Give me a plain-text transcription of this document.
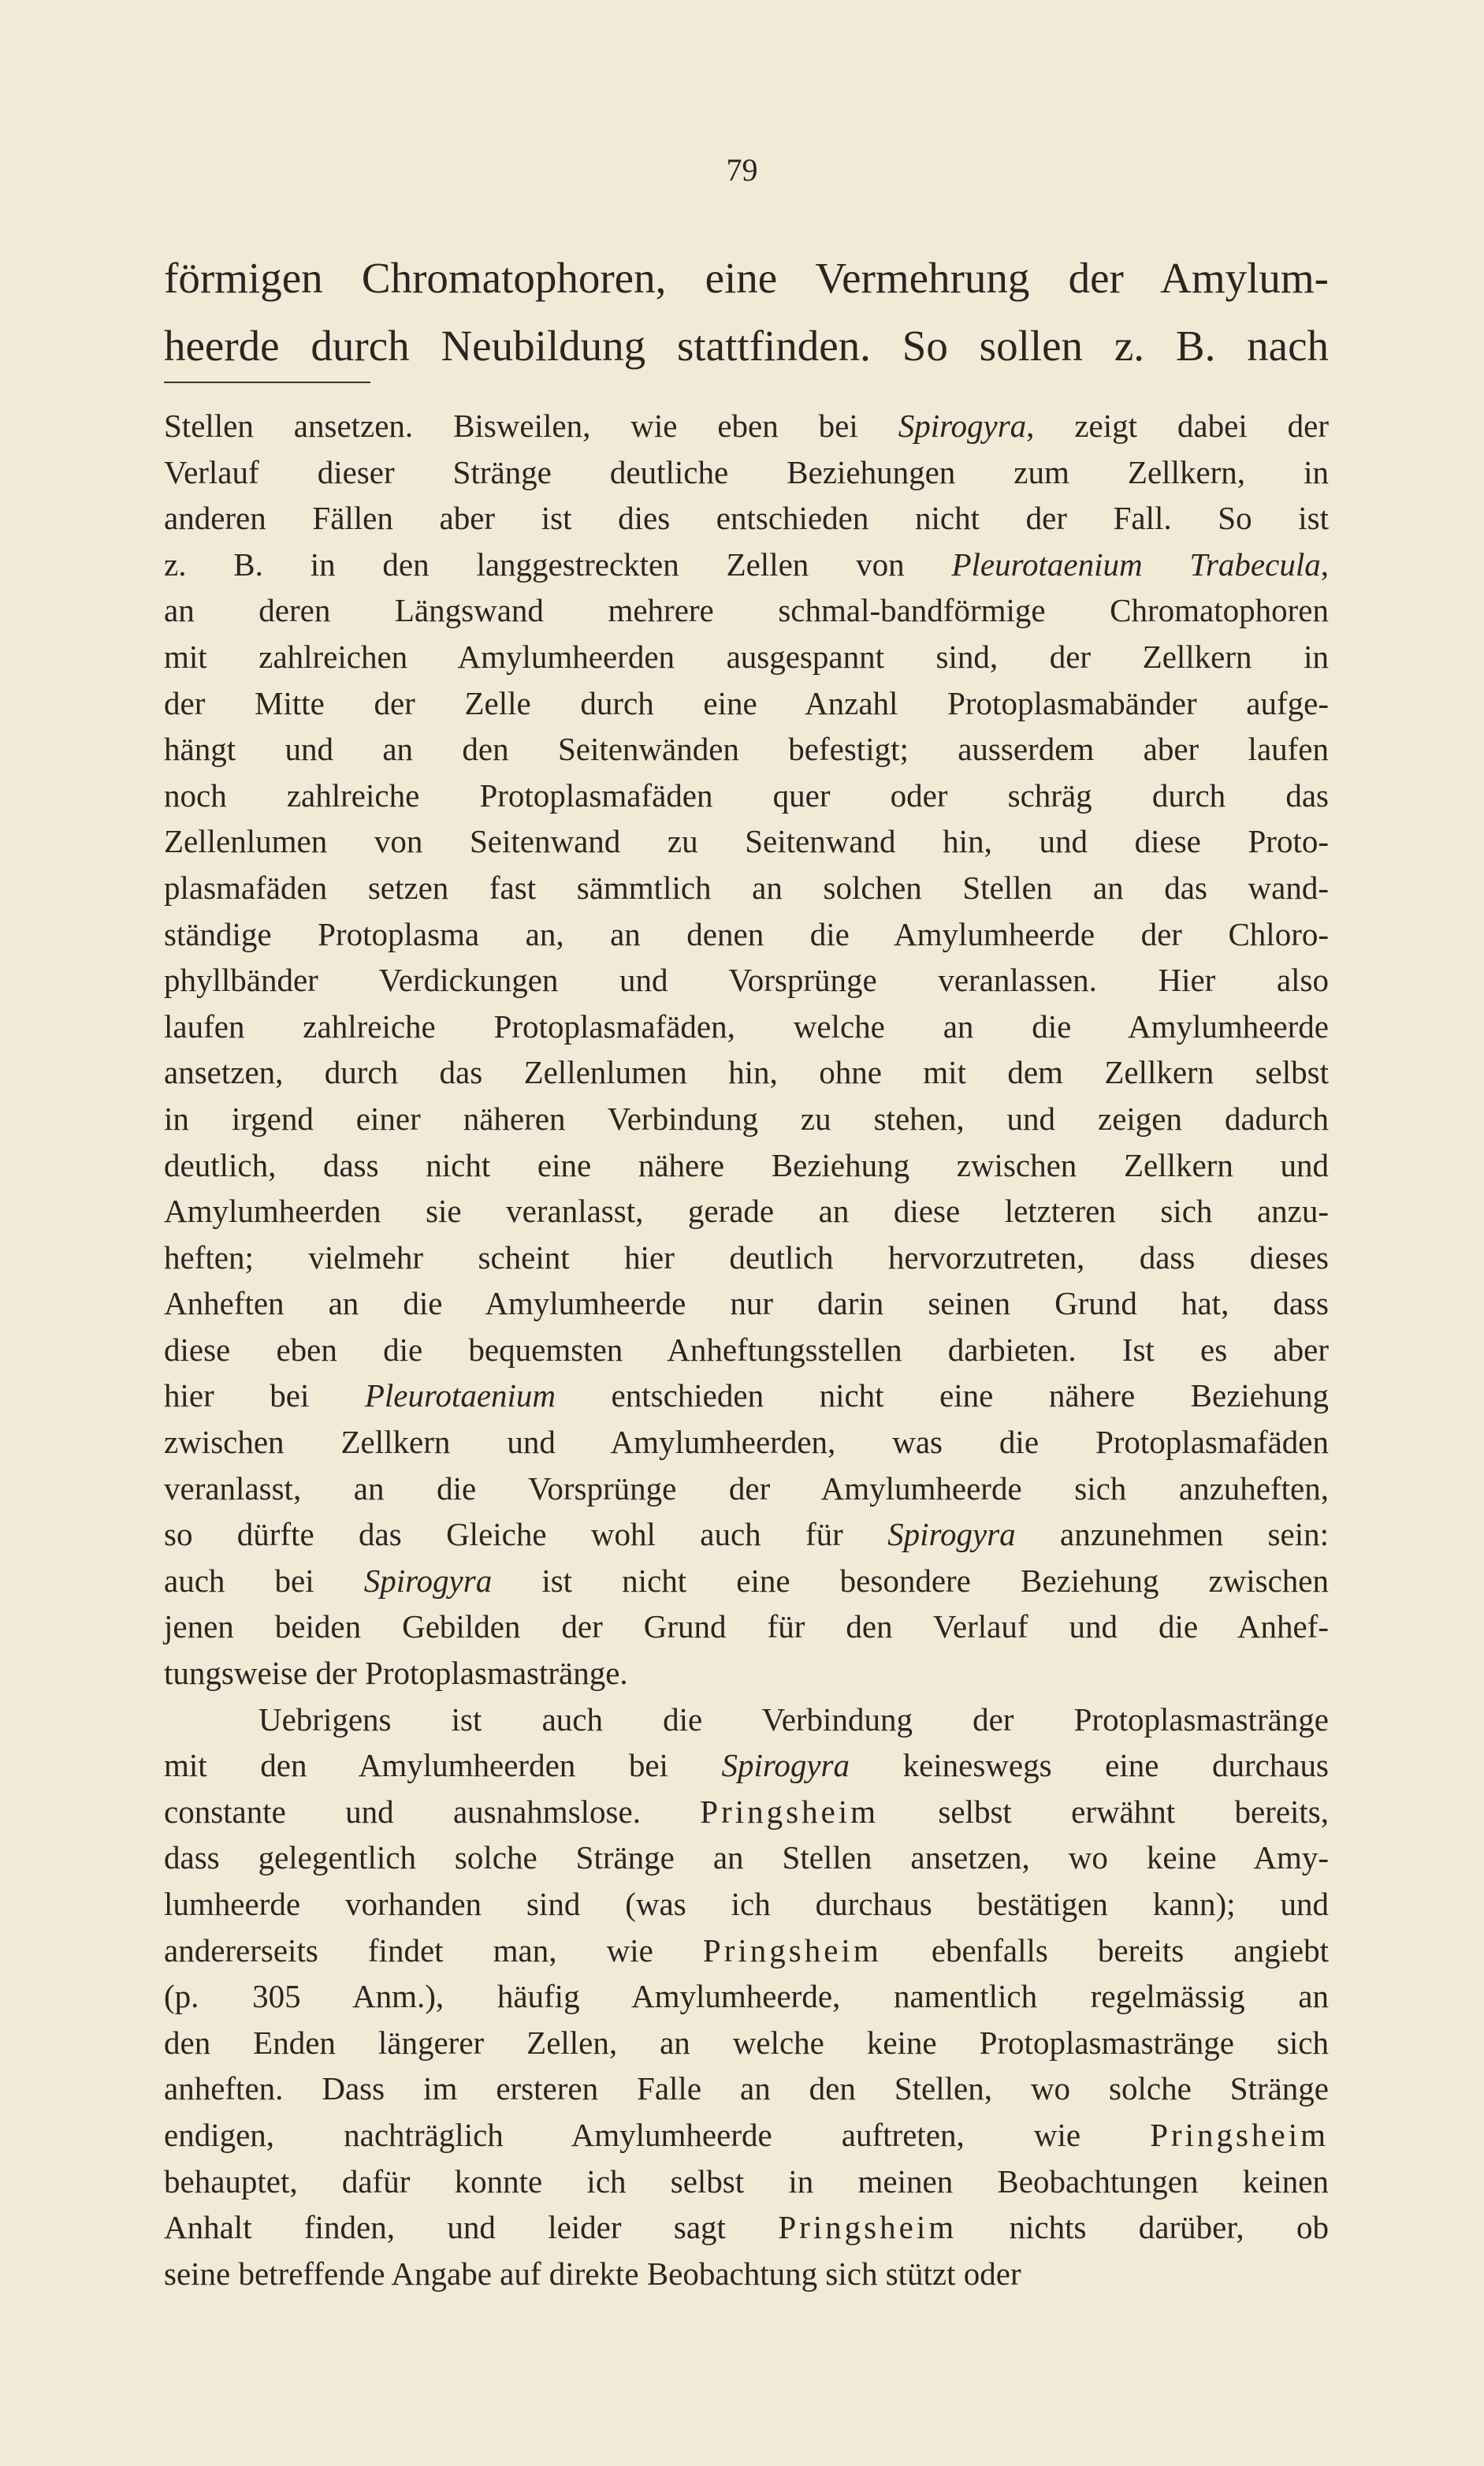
79
förmigen Chromatophoren, eine Vermehrung der Amylum-
heerde durch Neubildung stattfinden. So sollen z. B. nach
Stellen ansetzen. Bisweilen, wie eben bei Spirogyra, zeigt dabei der
Verlauf dieser Stränge deutliche Beziehungen zum Zellkern, in
anderen Fällen aber ist dies entschieden nicht der Fall. So ist
z. B. in den langgestreckten Zellen von Pleurotaenium Trabecula,
an deren Längswand mehrere schmal-bandförmige Chromatophoren
mit zahlreichen Amylumheerden ausgespannt sind, der Zellkern in
der Mitte der Zelle durch eine Anzahl Protoplasmabänder aufge-
hängt und an den Seitenwänden befestigt; ausserdem aber laufen
noch zahlreiche Protoplasmafäden quer oder schräg durch das
Zellenlumen von Seitenwand zu Seitenwand hin, und diese Proto-
plasmafäden setzen fast sämmtlich an solchen Stellen an das wand-
ständige Protoplasma an, an denen die Amylumheerde der Chloro-
phyllbänder Verdickungen und Vorsprünge veranlassen. Hier also
laufen zahlreiche Protoplasmafäden, welche an die Amylumheerde
ansetzen, durch das Zellenlumen hin, ohne mit dem Zellkern selbst
in irgend einer näheren Verbindung zu stehen, und zeigen dadurch
deutlich, dass nicht eine nähere Beziehung zwischen Zellkern und
Amylumheerden sie veranlasst, gerade an diese letzteren sich anzu-
heften; vielmehr scheint hier deutlich hervorzutreten, dass dieses
Anheften an die Amylumheerde nur darin seinen Grund hat, dass
diese eben die bequemsten Anheftungsstellen darbieten. Ist es aber
hier bei Pleurotaenium entschieden nicht eine nähere Beziehung
zwischen Zellkern und Amylumheerden, was die Protoplasmafäden
veranlasst, an die Vorsprünge der Amylumheerde sich anzuheften,
so dürfte das Gleiche wohl auch für Spirogyra anzunehmen sein:
auch bei Spirogyra ist nicht eine besondere Beziehung zwischen
jenen beiden Gebilden der Grund für den Verlauf und die Anhef-
tungsweise der Protoplasmastränge.
Uebrigens ist auch die Verbindung der Protoplasmastränge
mit den Amylumheerden bei Spirogyra keineswegs eine durchaus
constante und ausnahmslose. Pringsheim selbst erwähnt bereits,
dass gelegentlich solche Stränge an Stellen ansetzen, wo keine Amy-
lumheerde vorhanden sind (was ich durchaus bestätigen kann); und
andererseits findet man, wie Pringsheim ebenfalls bereits angiebt
(p. 305 Anm.), häufig Amylumheerde, namentlich regelmässig an
den Enden längerer Zellen, an welche keine Protoplasmastränge sich
anheften. Dass im ersteren Falle an den Stellen, wo solche Stränge
endigen, nachträglich Amylumheerde auftreten, wie Pringsheim
behauptet, dafür konnte ich selbst in meinen Beobachtungen keinen
Anhalt finden, und leider sagt Pringsheim nichts darüber, ob
seine betreffende Angabe auf direkte Beobachtung sich stützt oder
